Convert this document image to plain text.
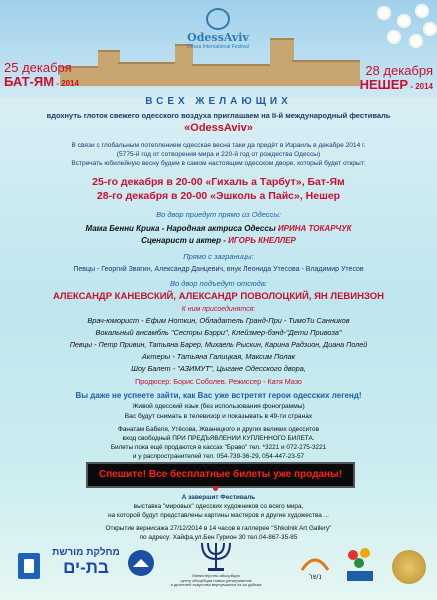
OdessAviv
Dessa International Festival
25 декабря
БАТ-ЯМ - 2014
28 декабря
НЕШЕР - 2014
ВСЕХ ЖЕЛАЮЩИХ
вдохнуть глоток свежего одесского воздуха приглашаем на II-й международный фестиваль
«OdessAviv»
В связи с глобальным потеплением одесская весна таки да придёт в Израиль в декабре 2014 г.
(5775-й год от сотворения мира и 220-й год от рождества Одессы)
Встречать юбилейную весну будем в самом настоящем одесском дворе, который будет открыт:
25-го декабря в 20-00 «Гихаль а Тарбут», Бат-Ям
28-го декабря в 20-00 «Эшколь а Пайс», Нешер
Во двор приедут прямо из Одессы:
Мама Бенни Крика - Народная актриса Одессы ИРИНА ТОКАРЧУК
Сценарист и актер - ИГОРЬ КНЕЛЛЕР
Прямо с заграницы:
Певцы - Георгий Звягин, Александр Данцевич, внук Леонида Утесова - Владимир Утесов
Во двор подъедут отсюда:
АЛЕКСАНДР КАНЕВСКИЙ, АЛЕКСАНДР ПОВОЛОЦКИЙ, ЯН ЛЕВИНЗОН
К ним присоединятся:
Врач-юморист - Ефим Ноткин, Обладатель Гранд-При - ТимоТи Санников
Вокальный ансамбль "Сестры Бэрри", Клейзмер-бэнд-"Дети Привоза"
Певцы - Петр Привин, Татьяна Барер, Михаель Рыскин, Карина Радзион, Диана Полей
Актеры - Татьяна Галицкая, Максим Полак
Шоу Балет - "АЗИМУТ", Цыгане Одесского двора,
Продюсер: Борис Соболев. Режиссер - Катя Мазо
Вы даже не успеете зайти, как Вас уже встретят герои одесских легенд!
Живой одесский язык (без использования фонограммы)
Вас будут снимать в телевизор и показывать в 49-ти странах
Фанатам Бабеля, Утёсова, Жванецкого и других великих одесситов
вход свободный ПРИ ПРЕДЪЯВЛЕНИИ КУПЛЕННОГО БИЛЕТА.
Билеты пока ещё продаются в кассах "Браво" тел. *3221 и 072-275-3221
и у распространителей тел. 054-739-36-29, 054-447-23-57
Спешите! Все бесплатные билеты уже проданы!
А завершит Фестиваль
выставка "мировых" одесских художников со всего мира,
на которой будут представлены картины мастеров и другие художества ...
Открытие вернисажа 27/12/2014 в 14 часов в галлерее "Shkolnik Art Gallery"
по адресу: Хайфа,ул.Бен Гурион 30 тел.04-867-35-85
מחלקת מורשת
בת-ים	Министерство абсорбции
центр абсорбции новых репатриантов
и деятелей искусства вернувшихся из-за рубежа
נשר
